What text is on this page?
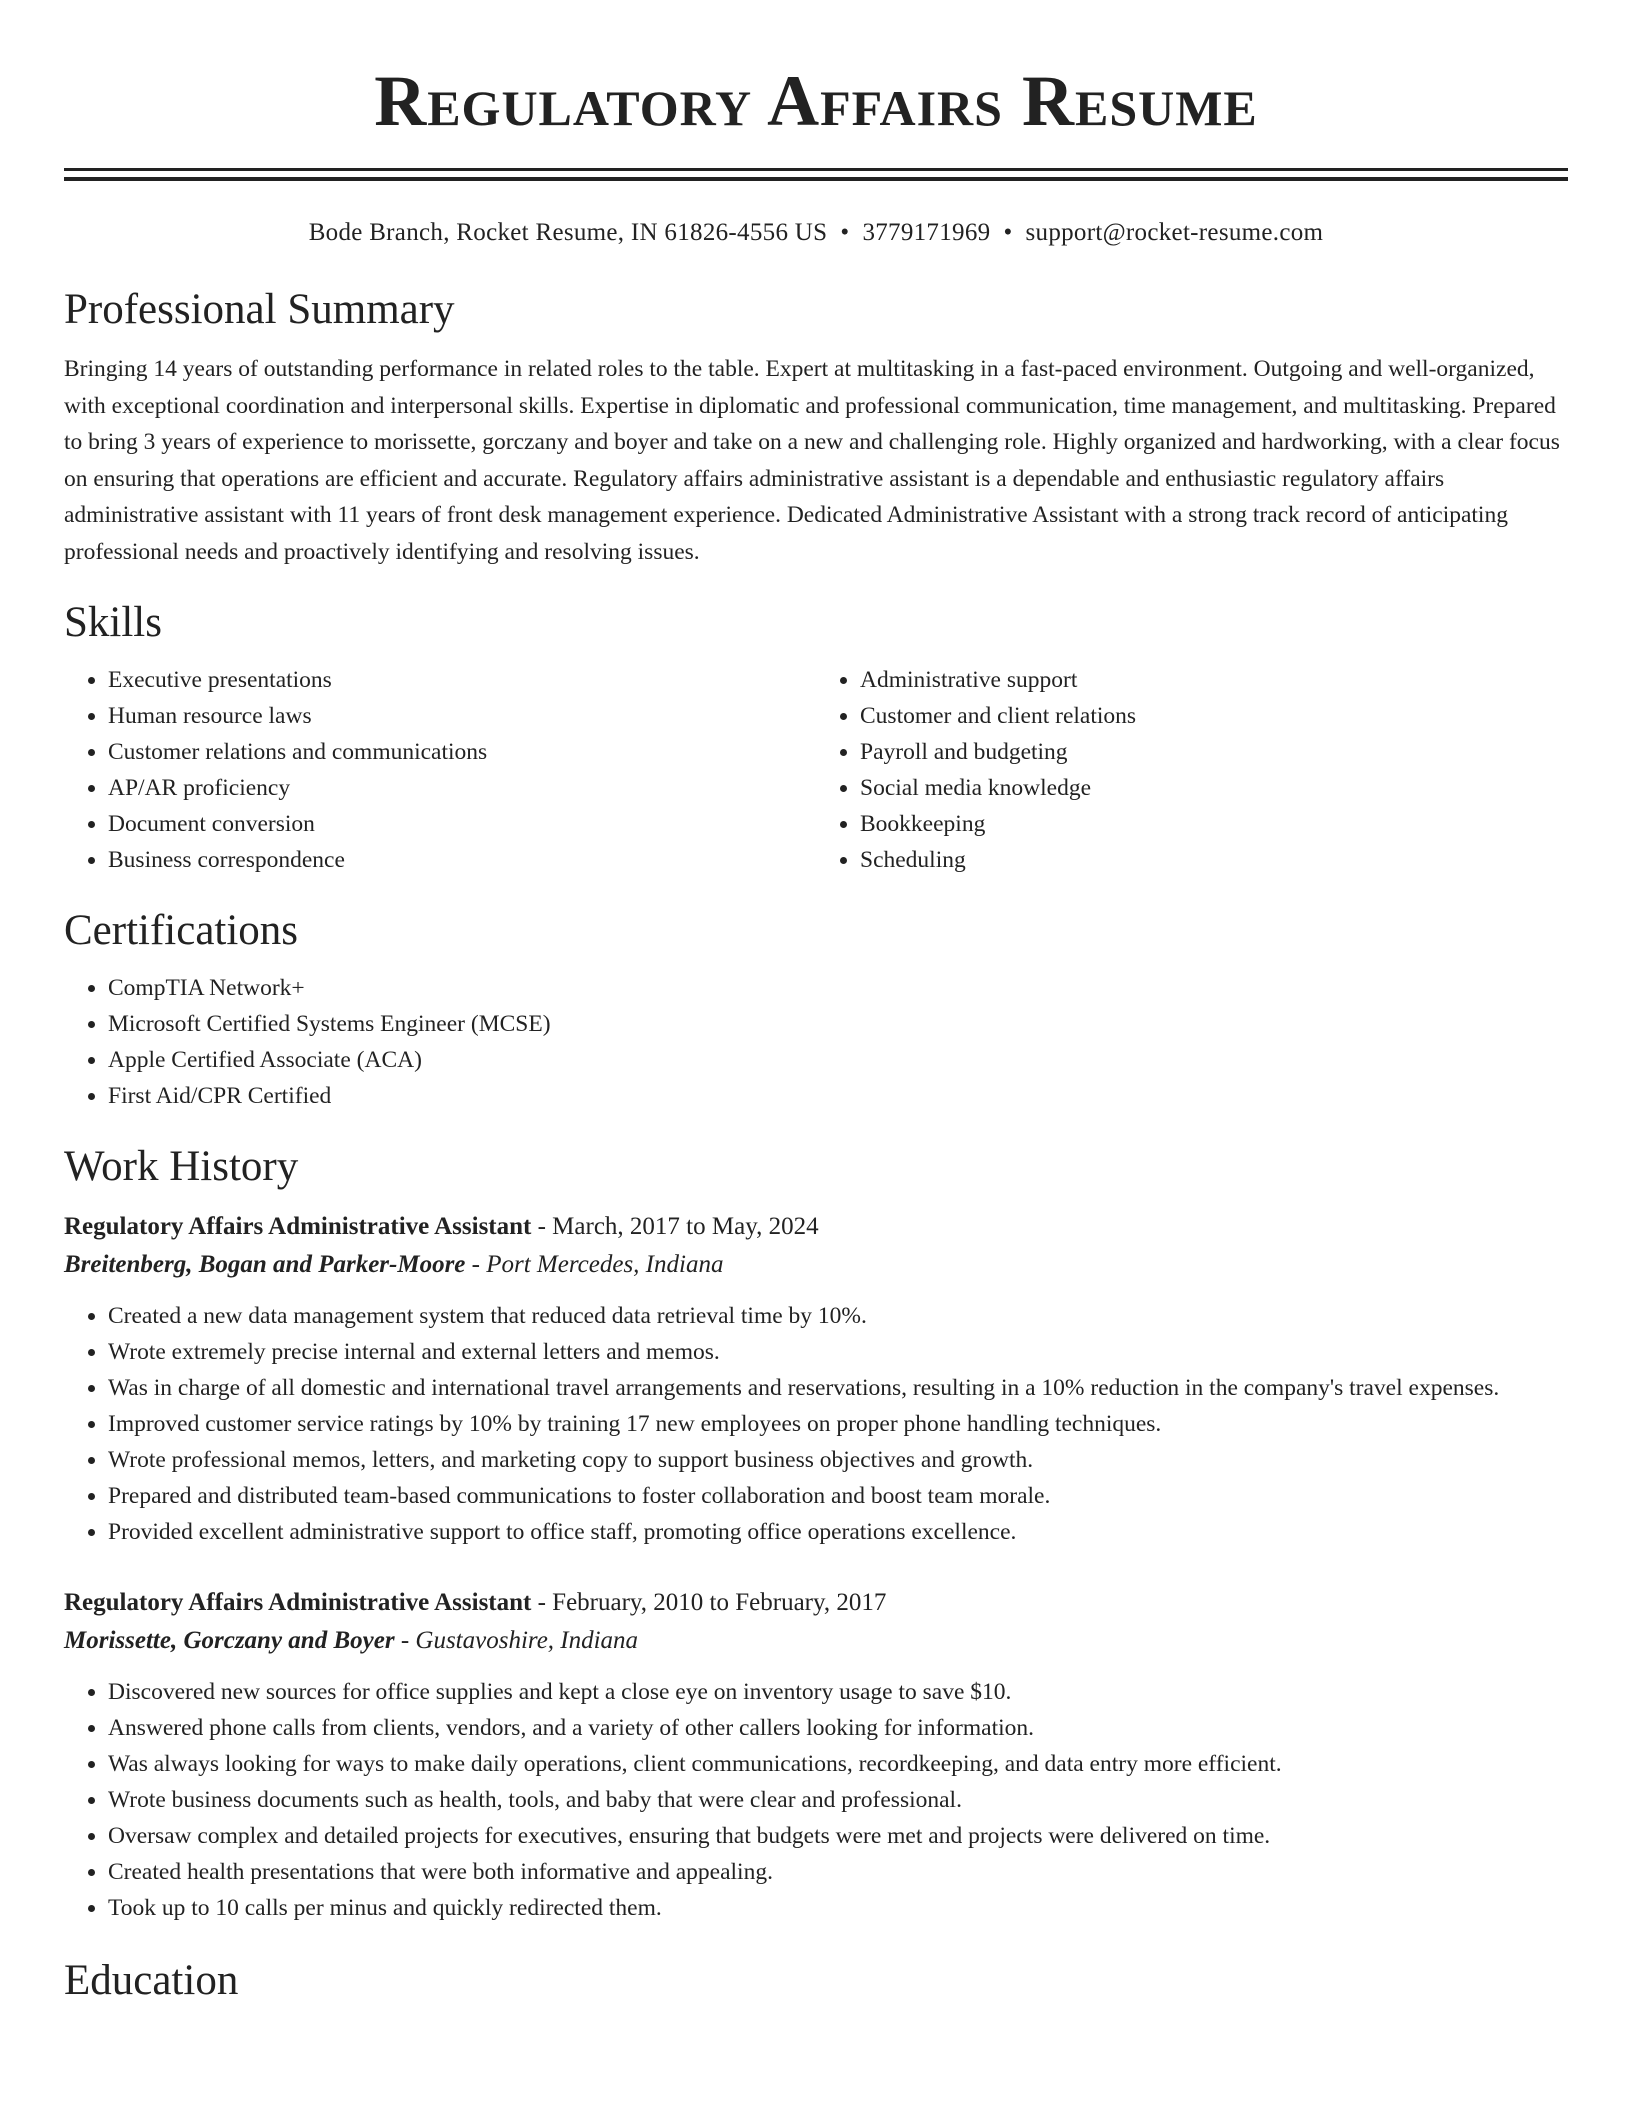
Regulatory Affairs Resume
Bode Branch, Rocket Resume, IN 61826-4556 US • 3779171969 • support@rocket-resume.com
Professional Summary

Bringing 14 years of outstanding performance in related roles to the table. Expert at multitasking in a fast-paced environment. Outgoing and well-organized, with exceptional coordination and interpersonal skills. Expertise in diplomatic and professional communication, time management, and multitasking. Prepared to bring 3 years of experience to morissette, gorczany and boyer and take on a new and challenging role. Highly organized and hardworking, with a clear focus on ensuring that operations are efficient and accurate. Regulatory affairs administrative assistant is a dependable and enthusiastic regulatory affairs administrative assistant with 11 years of front desk management experience. Dedicated Administrative Assistant with a strong track record of anticipating professional needs and proactively identifying and resolving issues.

Skills
• Executive presentations
• Human resource laws
• Customer relations and communications
• AP/AR proficiency
• Document conversion
• Business correspondence
• Administrative support
• Customer and client relations
• Payroll and budgeting
• Social media knowledge
• Bookkeeping
• Scheduling
Certifications
• CompTIA Network+
• Microsoft Certified Systems Engineer (MCSE)
• Apple Certified Associate (ACA)
• First Aid/CPR Certified
Work History
Regulatory Affairs Administrative Assistant - March, 2017 to May, 2024
Breitenberg, Bogan and Parker-Moore - Port Mercedes, Indiana
• Created a new data management system that reduced data retrieval time by 10%.
• Wrote extremely precise internal and external letters and memos.
• Was in charge of all domestic and international travel arrangements and reservations, resulting in a 10% reduction in the company's travel expenses.
• Improved customer service ratings by 10% by training 17 new employees on proper phone handling techniques.
• Wrote professional memos, letters, and marketing copy to support business objectives and growth.
• Prepared and distributed team-based communications to foster collaboration and boost team morale.
• Provided excellent administrative support to office staff, promoting office operations excellence.
Regulatory Affairs Administrative Assistant - February, 2010 to February, 2017
Morissette, Gorczany and Boyer - Gustavoshire, Indiana
• Discovered new sources for office supplies and kept a close eye on inventory usage to save $10.
• Answered phone calls from clients, vendors, and a variety of other callers looking for information.
• Was always looking for ways to make daily operations, client communications, recordkeeping, and data entry more efficient.
• Wrote business documents such as health, tools, and baby that were clear and professional.
• Oversaw complex and detailed projects for executives, ensuring that budgets were met and projects were delivered on time.
• Created health presentations that were both informative and appealing.
• Took up to 10 calls per minus and quickly redirected them.
Education
